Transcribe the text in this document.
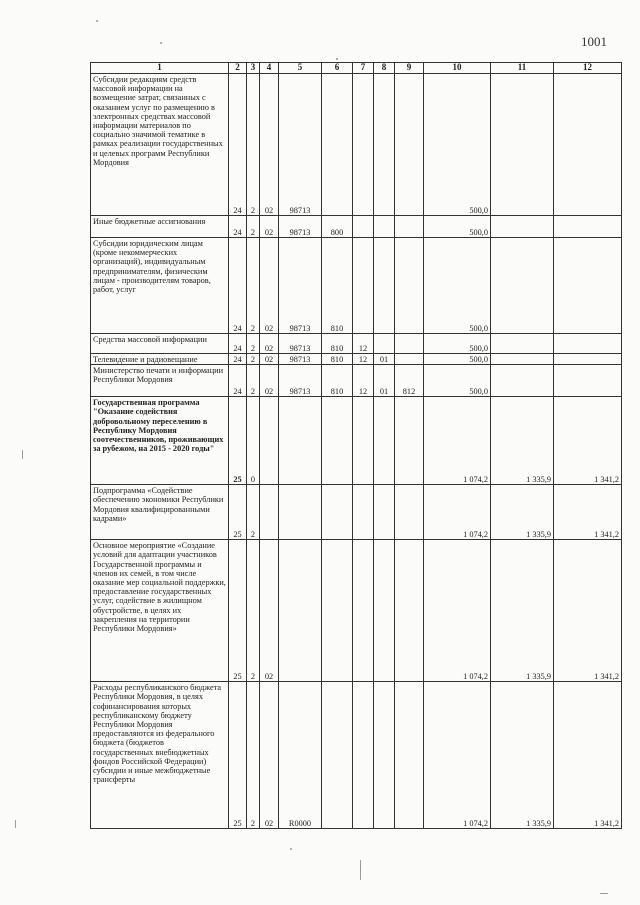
1001
1	2	3	4	5	6	7	8	9	10	11	12
Субсидии редакциям средств массовой информации на возмещение затрат, связанных с оказанием услуг по размещению в электронных средствах массовой информации материалов по социально значимой тематике в рамках реализации государственных и целевых программ Республики Мордовия	24	2	02	98713					500,0		
Иные бюджетные ассигнования	24	2	02	98713	800				500,0		
Субсидии юридическим лицам (кроме некоммерческих организаций), индивидуальным предпринимателям, физическим лицам - производителям товаров, работ, услуг	24	2	02	98713	810				500,0		
Средства массовой информации	24	2	02	98713	810	12			500,0		
Телевидение и радиовещание	24	2	02	98713	810	12	01		500,0		
Министерство печати и информации Республики Мордовия	24	2	02	98713	810	12	01	812	500,0		
Государственная программа "Оказание содействия добровольному переселению в Республику Мордовия соотечественников, проживающих за рубежом, на 2015 - 2020 годы"	25	0							1 074,2	1 335,9	1 341,2
Подпрограмма «Содействие обеспечению экономики Республики Мордовия квалифицированными кадрами»	25	2							1 074,2	1 335,9	1 341,2
Основное мероприятие «Создание условий для адаптации участников Государственной программы и членов их семей, в том числе оказание мер социальной поддержки, предоставление государственных услуг, содействие в жилищном обустройстве, в целях их закрепления на территории Республики Мордовия»	25	2	02						1 074,2	1 335,9	1 341,2
Расходы республиканского бюджета Республики Мордовия, в целях софинансирования которых республиканскому бюджету Республики Мордовия предоставляются из федерального бюджета (бюджетов государственных внебюджетных фондов Российской Федерации) субсидии и иные межбюджетные трансферты	25	2	02	R0000					1 074,2	1 335,9	1 341,2
